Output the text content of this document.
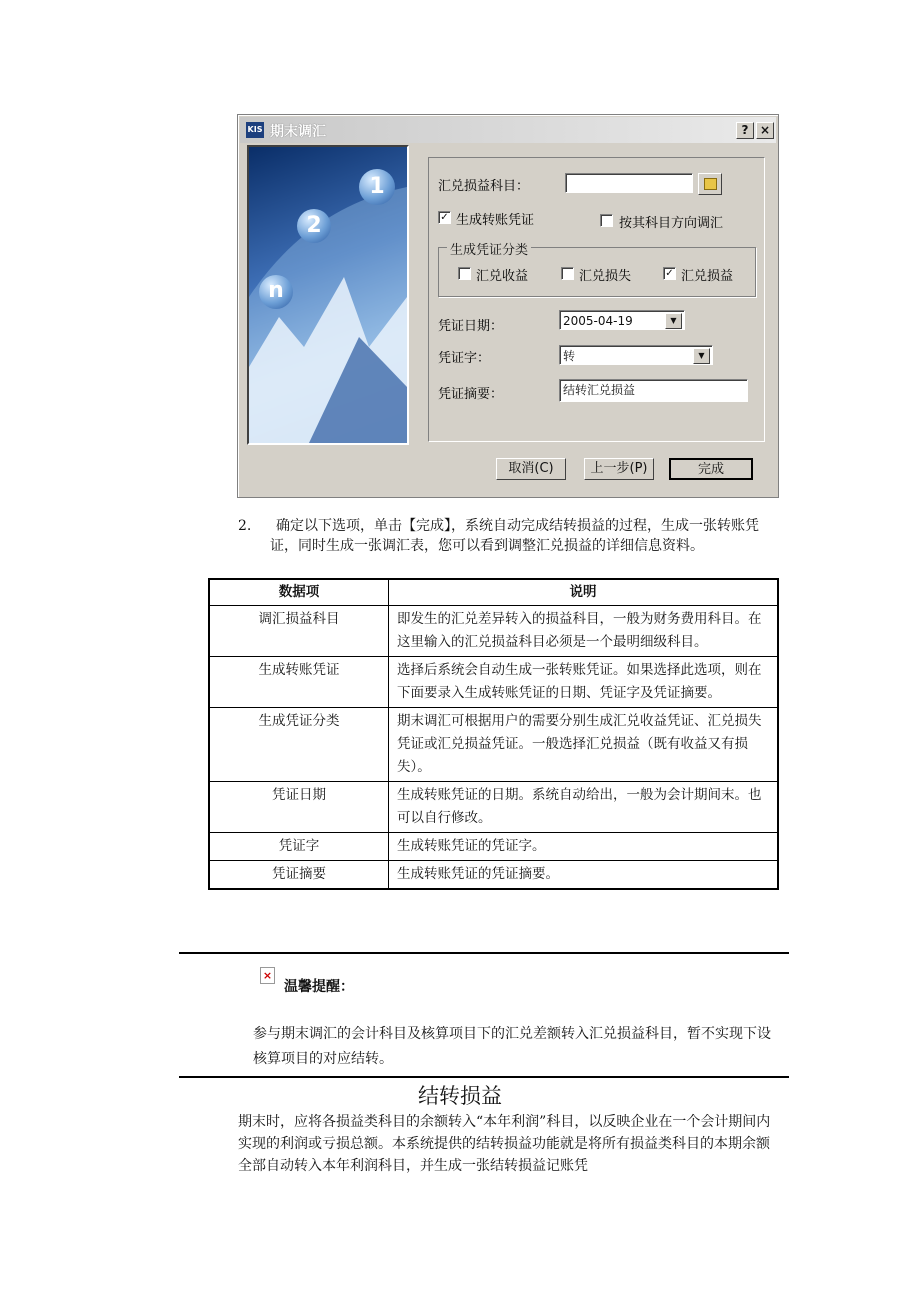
KIS 期末调汇	? ×
1
2
n
汇兑损益科目：
✓ 生成转账凭证	按其科目方向调汇
生成凭证分类
汇兑收益	汇兑损失	✓ 汇兑损益
凭证日期：	2005-04-19	▼
凭证字：	转	▼
凭证摘要：	结转汇兑损益
取消(C)	上一步(P)	完成
2.	确定以下选项，单击【完成】，系统自动完成结转损益的过程，生成一张转账凭证，同时生成一张调汇表，您可以看到调整汇兑损益的详细信息资料。
数据项	说明
调汇损益科目	即发生的汇兑差异转入的损益科目，一般为财务费用科目。在这里输入的汇兑损益科目必须是一个最明细级科目。
生成转账凭证	选择后系统会自动生成一张转账凭证。如果选择此选项，则在下面要录入生成转账凭证的日期、凭证字及凭证摘要。
生成凭证分类	期末调汇可根据用户的需要分别生成汇兑收益凭证、汇兑损失凭证或汇兑损益凭证。一般选择汇兑损益（既有收益又有损失）。
凭证日期	生成转账凭证的日期。系统自动给出，一般为会计期间末。也可以自行修改。
凭证字	生成转账凭证的凭证字。
凭证摘要	生成转账凭证的凭证摘要。
×
温馨提醒：
参与期末调汇的会计科目及核算项目下的汇兑差额转入汇兑损益科目，暂不实现下设核算项目的对应结转。
结转损益
期末时，应将各损益类科目的余额转入“本年利润”科目，以反映企业在一个会计期间内实现的利润或亏损总额。本系统提供的结转损益功能就是将所有损益类科目的本期余额全部自动转入本年利润科目，并生成一张结转损益记账凭
